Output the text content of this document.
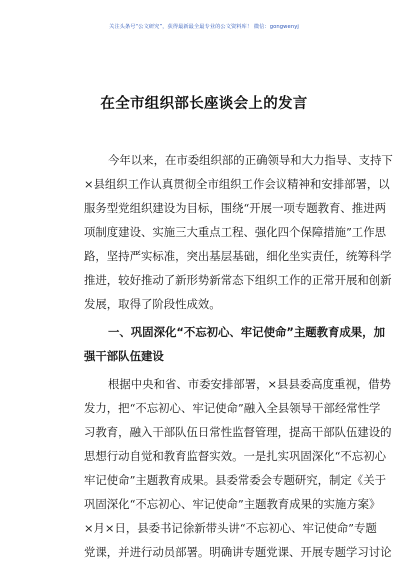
关注头条号“公文研究”，获得最新最全最专业的公文资料库！ 微信：gongwenyj
在全市组织部长座谈会上的发言
今年以来，在市委组织部的正确领导和大力指导、支持下
×县组织工作认真贯彻全市组织工作会议精神和安排部署，以
服务型党组织建设为目标，围绕“开展一项专题教育、推进两
项制度建设、实施三大重点工程、强化四个保障措施”工作思
路，坚持严实标准，突出基层基础，细化坐实责任，统筹科学
推进，较好推动了新形势新常态下组织工作的正常开展和创新
发展，取得了阶段性成效。
一、巩固深化“不忘初心、牢记使命”主题教育成果，加
强干部队伍建设
根据中央和省、市委安排部署，×县县委高度重视，借势
发力，把“不忘初心、牢记使命”融入全县领导干部经常性学
习教育，融入干部队伍日常性监督管理，提高干部队伍建设的
思想行动自觉和教育监督实效。一是扎实巩固深化“不忘初心
牢记使命”主题教育成果。县委常委会专题研究，制定《关于
巩固深化“不忘初心、牢记使命”主题教育成果的实施方案》
×月×日，县委书记徐新带头讲“不忘初心、牢记使命”专题
党课，并进行动员部署。明确讲专题党课、开展专题学习讨论
